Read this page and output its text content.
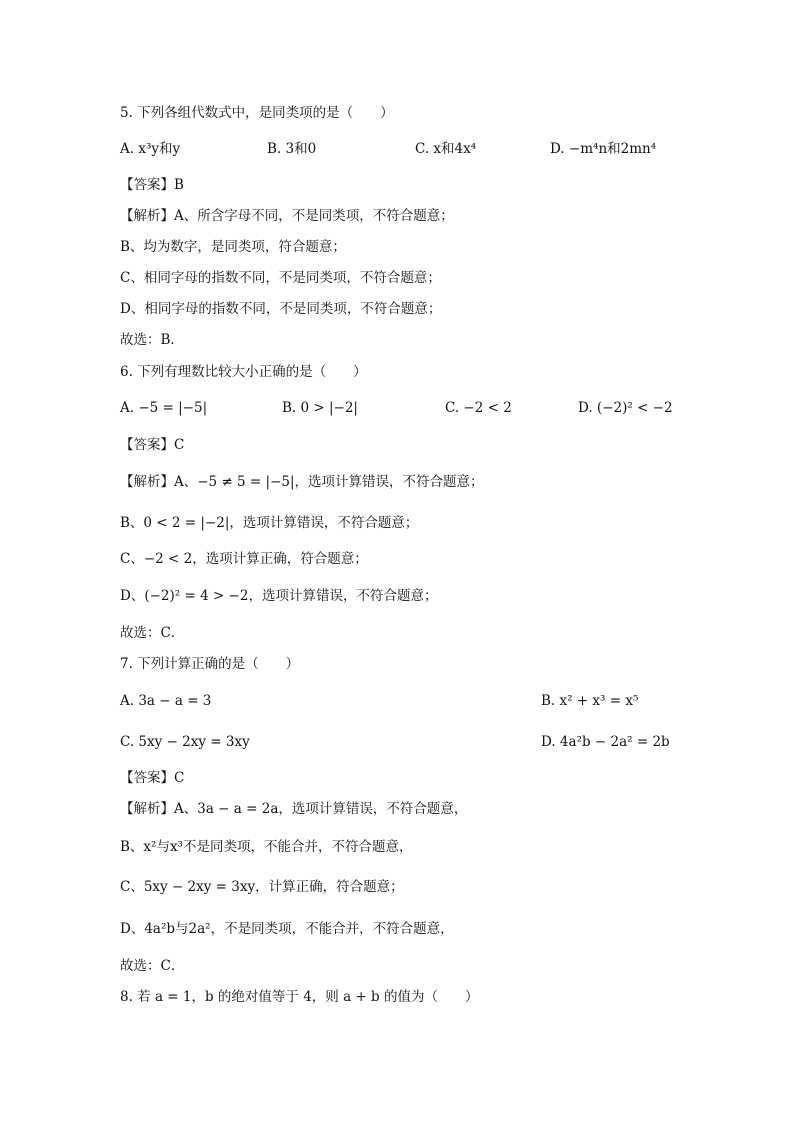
5. 下列各组代数式中，是同类项的是（　　）
A. x³y和y	B. 3和0	C. x和4x⁴	D. −m⁴n和2mn⁴
【答案】B
【解析】A、所含字母不同，不是同类项，不符合题意；
B、均为数字，是同类项，符合题意；
C、相同字母的指数不同，不是同类项，不符合题意；
D、相同字母的指数不同，不是同类项，不符合题意；
故选：B．
6. 下列有理数比较大小正确的是（　　）
A. −5 = |−5|	B. 0 > |−2|	C. −2 < 2	D. (−2)² < −2
【答案】C
【解析】A、−5 ≠ 5 = |−5|，选项计算错误，不符合题意；
B、0 < 2 = |−2|，选项计算错误，不符合题意；
C、−2 < 2，选项计算正确，符合题意；
D、(−2)² = 4 > −2，选项计算错误，不符合题意；
故选：C．
7. 下列计算正确的是（　　）
A. 3a − a = 3	B. x² + x³ = x⁵
C. 5xy − 2xy = 3xy	D. 4a²b − 2a² = 2b
【答案】C
【解析】A、3a − a = 2a，选项计算错误，不符合题意，
B、x²与x³不是同类项，不能合并，不符合题意，
C、5xy − 2xy = 3xy，计算正确，符合题意；
D、4a²b与2a²，不是同类项，不能合并，不符合题意，
故选：C．
8. 若 a = 1，b 的绝对值等于 4，则 a + b 的值为（　　）
